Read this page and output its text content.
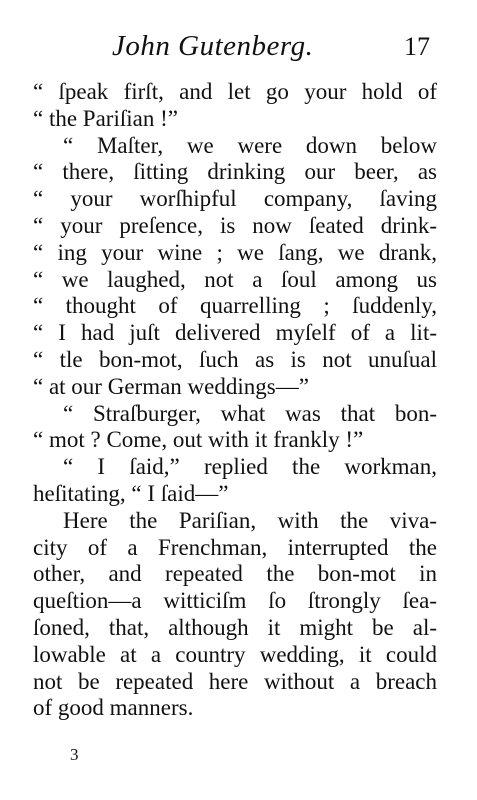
John Gutenberg.	17
“ ſpeak firſt, and let go your hold of
“ the Pariſian !”
“ Maſter, we were down below
“ there, ſitting drinking our beer, as
“ your worſhipful company, ſaving
“ your preſence, is now ſeated drink-
“ ing your wine ; we ſang, we drank,
“ we laughed, not a ſoul among us
“ thought of quarrelling ; ſuddenly,
“ I had juſt delivered myſelf of a lit-
“ tle bon-mot, ſuch as is not unuſual
“ at our German weddings—”
“ Straſburger, what was that bon-
“ mot ? Come, out with it frankly !”
“ I ſaid,” replied the workman,
heſitating, “ I ſaid—”
Here the Pariſian, with the viva-
city of a Frenchman, interrupted the
other, and repeated the bon-mot in
queſtion—a witticiſm ſo ſtrongly ſea-
ſoned, that, although it might be al-
lowable at a country wedding, it could
not be repeated here without a breach
of good manners.
3
